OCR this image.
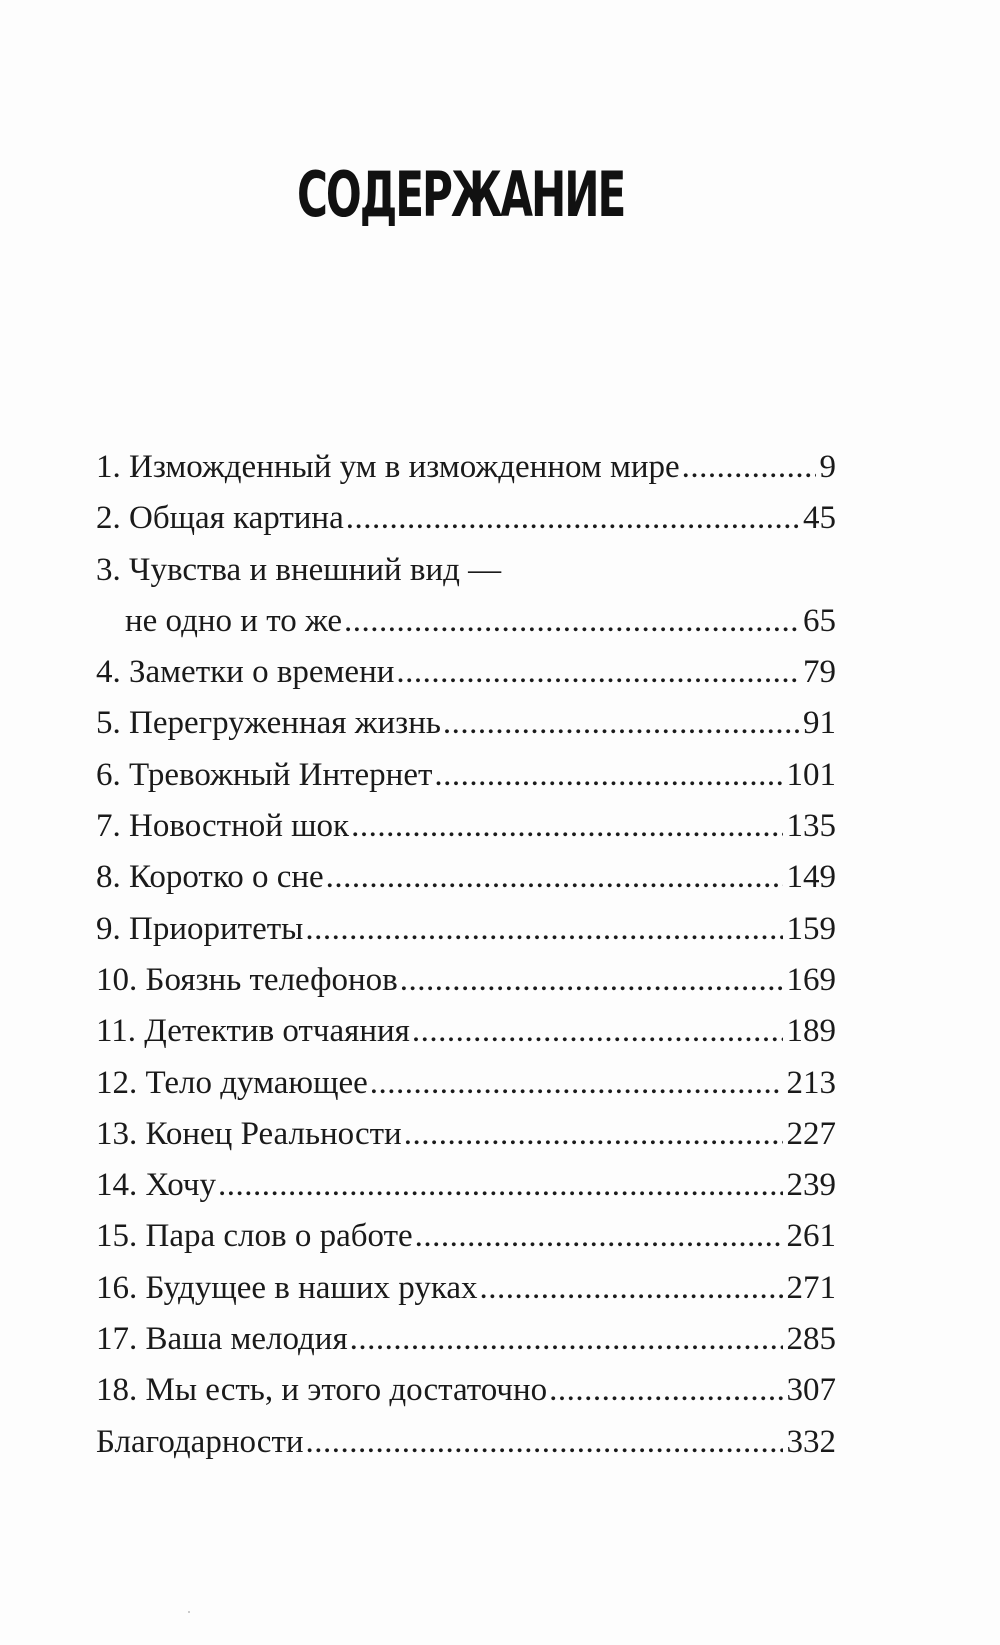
СОДЕРЖАНИЕ
1. Изможденный ум в изможденном мире .....	9
2. Общая картина .....	45
3. Чувства и внешний вид —
не одно и то же .....	65
4. Заметки о времени .....	79
5. Перегруженная жизнь .....	91
6. Тревожный Интернет .....	101
7. Новостной шок .....	135
8. Коротко о сне .....	149
9. Приоритеты .....	159
10. Боязнь телефонов .....	169
11. Детектив отчаяния .....	189
12. Тело думающее .....	213
13. Конец Реальности .....	227
14. Хочу .....	239
15. Пара слов о работе .....	261
16. Будущее в наших руках .....	271
17. Ваша мелодия .....	285
18. Мы есть, и этого достаточно .....	307
Благодарности .....	332
